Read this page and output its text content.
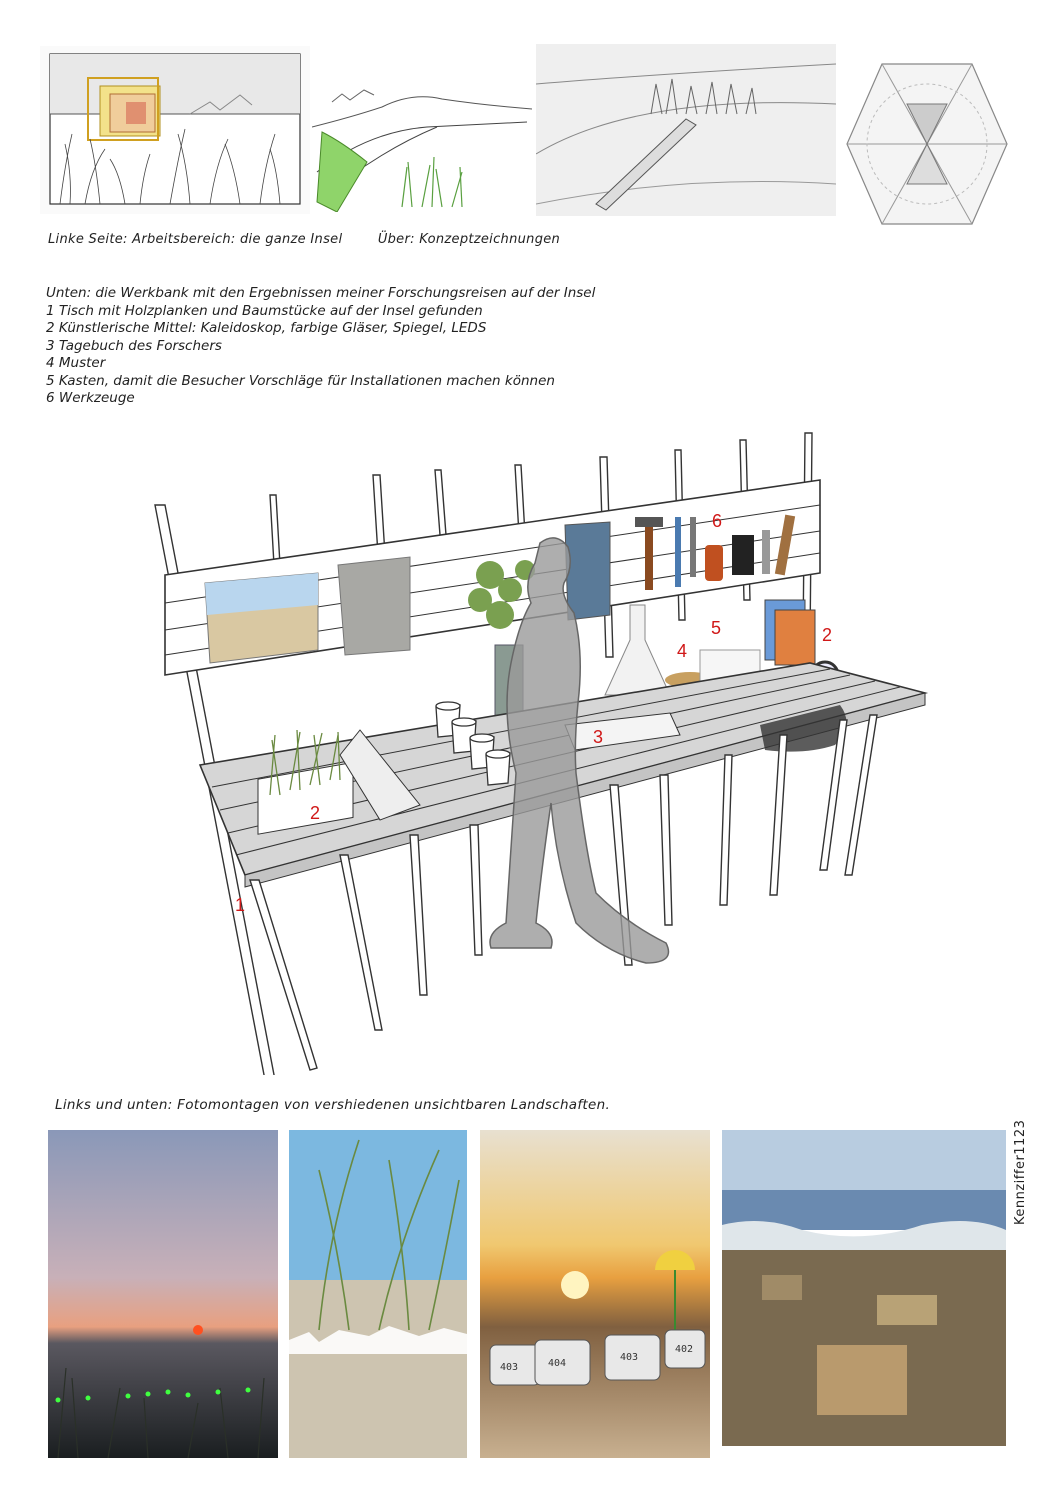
Linke Seite: Arbeitsbereich: die ganze Insel        Über: Konzeptzeichnungen
Unten: die Werkbank mit den Ergebnissen meiner Forschungsreisen auf der Insel
1 Tisch mit Holzplanken und Baumstücke auf der Insel gefunden
2 Künstlerische Mittel: Kaleidoskop, farbige Gläser, Spiegel, LEDS
3 Tagebuch des Forschers
4 Muster
5 Kasten, damit die Besucher Vorschläge für Installationen machen können
6 Werkzeuge
1
2
2
3
4
5
6
Links und unten: Fotomontagen von vershiedenen unsichtbaren Landschaften.
403	404
403
402
Kennziffer1123
